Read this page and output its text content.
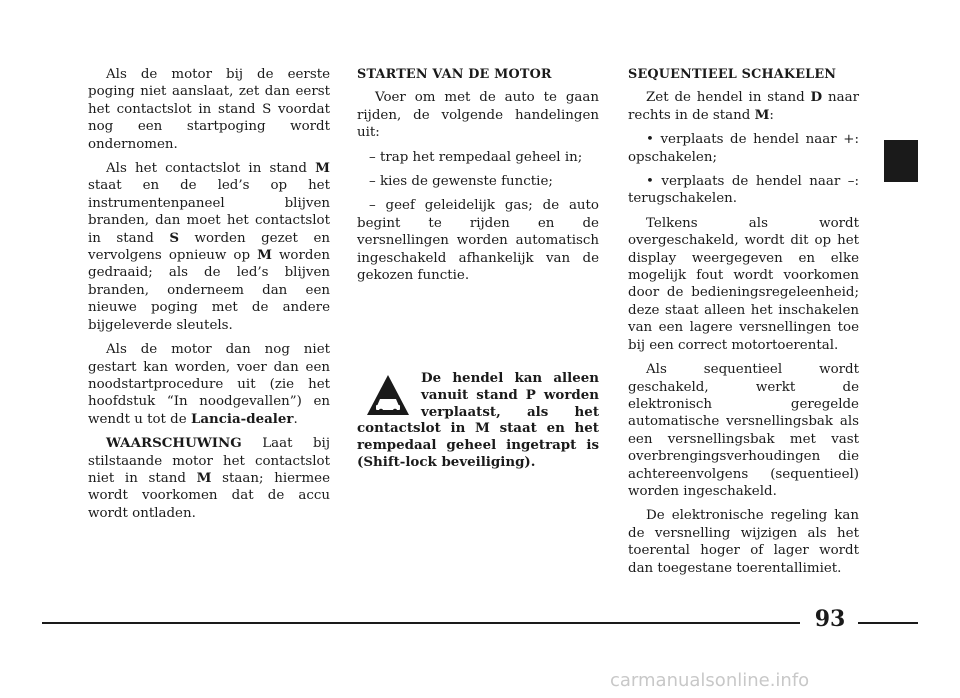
Als de motor bij de eerste poging niet aanslaat, zet dan eerst het contactslot in stand S voordat nog een startpoging wordt ondernomen.

Als het contactslot in stand M staat en de led’s op het instrumentenpaneel blijven branden, dan moet het contactslot in stand S worden gezet en vervolgens opnieuw op M worden gedraaid; als de led’s blijven branden, onderneem dan een nieuwe poging met de andere bijgeleverde sleutels.

Als de motor dan nog niet gestart kan worden, voer dan een noodstartprocedure uit (zie het hoofdstuk “In noodgevallen”) en wendt u tot de Lancia-dealer.

WAARSCHUWING Laat bij stilstaande motor het contactslot niet in stand M staan; hiermee wordt voorkomen dat de accu wordt ontladen.

STARTEN VAN DE MOTOR

Voer om met de auto te gaan rijden, de volgende handelingen uit:

– trap het rempedaal geheel in;

– kies de gewenste functie;

– geef geleidelijk gas; de auto begint te rijden en de versnellingen worden automatisch ingeschakeld afhankelijk van de gekozen functie.

De hendel kan alleen vanuit stand P worden verplaatst, als het contactslot in M staat en het rempedaal geheel ingetrapt is (Shift-lock beveiliging).
SEQUENTIEEL SCHAKELEN

Zet de hendel in stand D naar rechts in de stand M:

• verplaats de hendel naar +: opschakelen;

• verplaats de hendel naar –: terugschakelen.

Telkens als wordt overgeschakeld, wordt dit op het display weergegeven en elke mogelijk fout wordt voorkomen door de bedieningsregeleenheid; deze staat alleen het inschakelen van een lagere versnellingen toe bij een correct motortoerental.

Als sequentieel wordt geschakeld, werkt de elektronisch geregelde automatische versnellingsbak als een versnellingsbak met vast overbrengingsverhoudingen die achtereenvolgens (sequentieel) worden ingeschakeld.

De elektronische regeling kan de versnelling wijzigen als het toerental hoger of lager wordt dan toegestane toerentallimiet.

93
carmanualsonline.info
